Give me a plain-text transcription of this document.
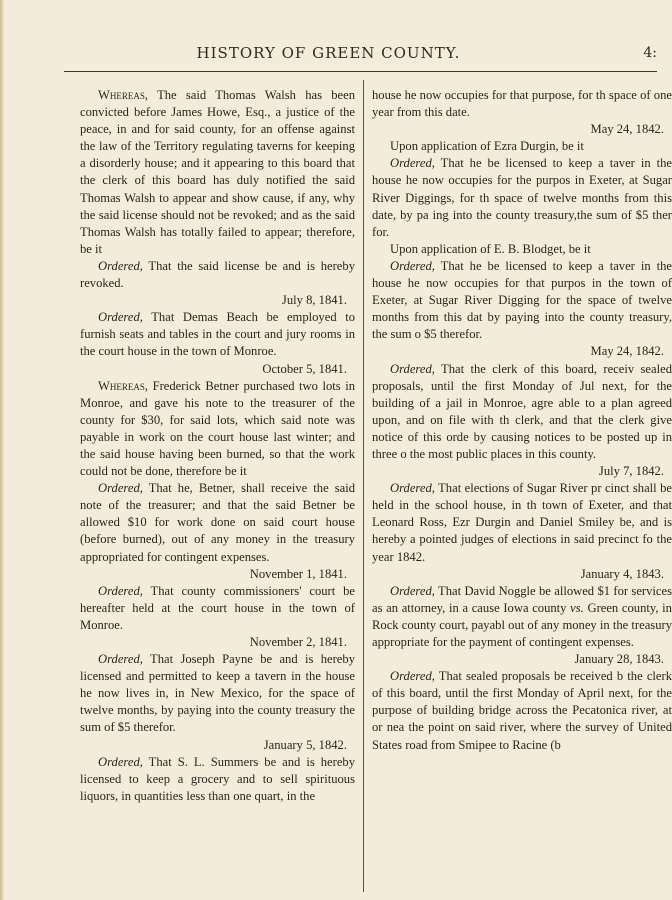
HISTORY OF GREEN COUNTY.	4:

Whereas, The said Thomas Walsh has been convicted before James Howe, Esq., a justice of the peace, in and for said county, for an offense against the law of the Territory regulating taverns for keeping a disorderly house; and it appearing to this board that the clerk of this board has duly notified the said Thomas Walsh to appear and show cause, if any, why the said license should not be revoked; and as the said Thomas Walsh has totally failed to appear; therefore, be it

Ordered, That the said license be and is hereby revoked.

July 8, 1841.

Ordered, That Demas Beach be employed to furnish seats and tables in the court and jury rooms in the court house in the town of Monroe.

October 5, 1841.

Whereas, Frederick Betner purchased two lots in Monroe, and gave his note to the treasurer of the county for $30, for said lots, which said note was payable in work on the court house last winter; and the said house having been burned, so that the work could not be done, therefore be it

Ordered, That he, Betner, shall receive the said note of the treasurer; and that the said Betner be allowed $10 for work done on said court house (before burned), out of any money in the treasury appropriated for contingent expenses.

November 1, 1841.

Ordered, That county commissioners' court be hereafter held at the court house in the town of Monroe.

November 2, 1841.

Ordered, That Joseph Payne be and is hereby licensed and permitted to keep a tavern in the house he now lives in, in New Mexico, for the space of twelve months, by paying into the county treasury the sum of $5 therefor.

January 5, 1842.

Ordered, That S. L. Summers be and is hereby licensed to keep a grocery and to sell spirituous liquors, in quantities less than one quart, in the

house he now occupies for that purpose, for th space of one year from this date.

May 24, 1842.

Upon application of Ezra Durgin, be it

Ordered, That he be licensed to keep a taver in the house he now occupies for the purpos in Exeter, at Sugar River Diggings, for th space of twelve months from this date, by pa ing into the county treasury,the sum of $5 ther for.

Upon application of E. B. Blodget, be it

Ordered, That he be licensed to keep a taver in the house he now occupies for that purpos in the town of Exeter, at Sugar River Digging for the space of twelve months from this dat by paying into the county treasury, the sum o $5 therefor.

May 24, 1842.

Ordered, That the clerk of this board, receiv sealed proposals, until the first Monday of Jul next, for the building of a jail in Monroe, agre able to a plan agreed upon, and on file with th clerk, and that the clerk give notice of this orde by causing notices to be posted up in three o the most public places in this county.

July 7, 1842.

Ordered, That elections of Sugar River pr cinct shall be held in the school house, in th town of Exeter, and that Leonard Ross, Ezr Durgin and Daniel Smiley be, and is hereby a pointed judges of elections in said precinct fo the year 1842.

January 4, 1843.

Ordered, That David Noggle be allowed $1 for services as an attorney, in a cause Iowa county vs. Green county, in Rock county court, payabl out of any money in the treasury appropriate for the payment of contingent expenses.

January 28, 1843.

Ordered, That sealed proposals be received b the clerk of this board, until the first Monday of April next, for the purpose of building bridge across the Pecatonica river, at or nea the point on said river, where the survey of United States road from Smipee to Racine (b
